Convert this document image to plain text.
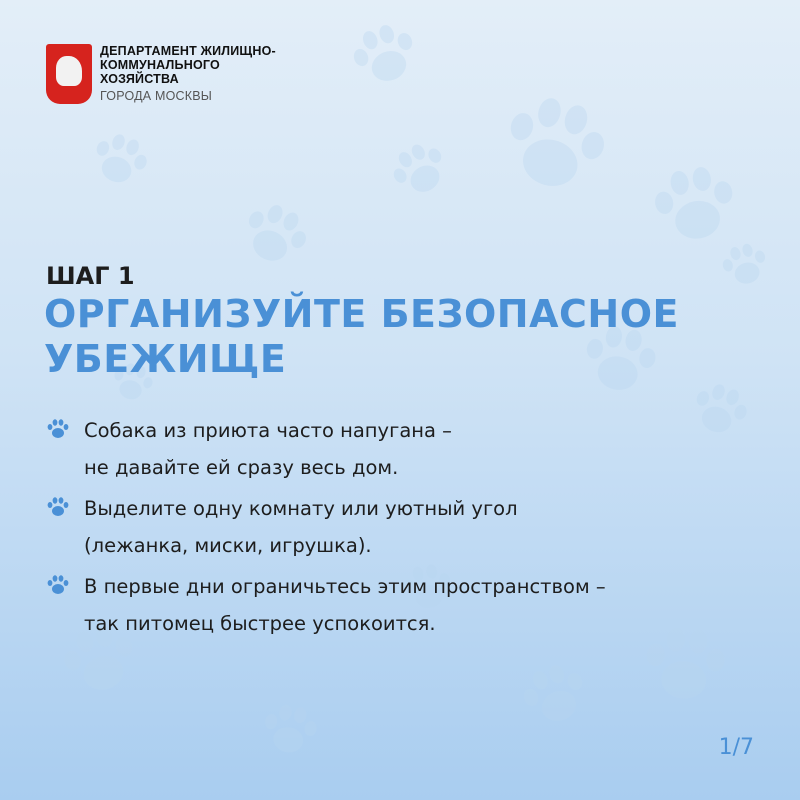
ДЕПАРТАМЕНТ ЖИЛИЩНО-
КОММУНАЛЬНОГО
ХОЗЯЙСТВА
ГОРОДА МОСКВЫ
ШАГ 1
ОРГАНИЗУЙТЕ БЕЗОПАСНОЕ
УБЕЖИЩЕ
Собака из приюта часто напугана –
не давайте ей сразу весь дом.
Выделите одну комнату или уютный угол
(лежанка, миски, игрушка).
В первые дни ограничьтесь этим пространством –
так питомец быстрее успокоится.
1/7
